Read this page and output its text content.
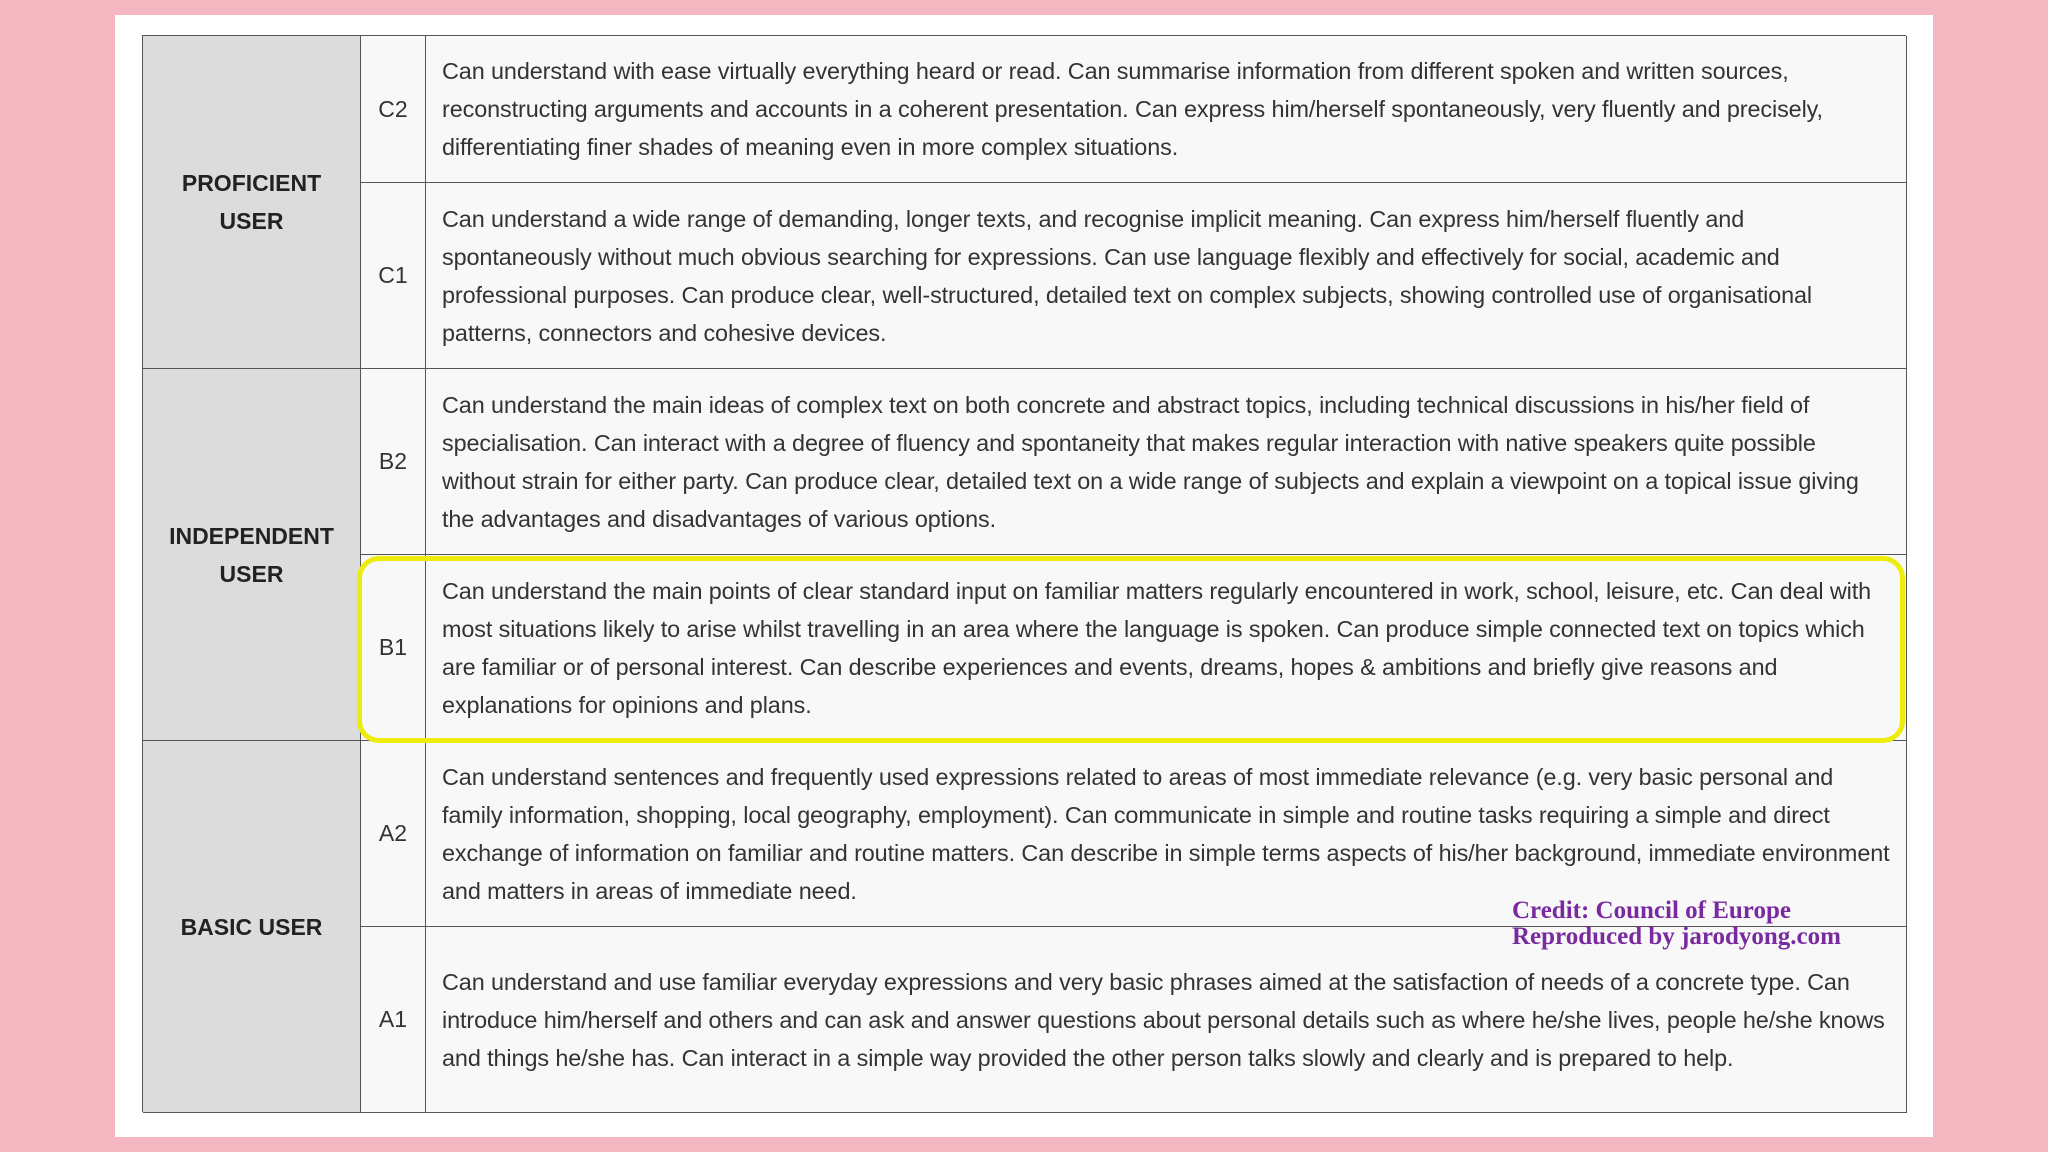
PROFICIENT USER
C2
Can understand with ease virtually everything heard or read. Can summarise information from different spoken and written sources, reconstructing arguments and accounts in a coherent presentation. Can express him/herself spontaneously, very fluently and precisely, differentiating finer shades of meaning even in more complex situations.
C1
Can understand a wide range of demanding, longer texts, and recognise implicit meaning. Can express him/herself fluently and spontaneously without much obvious searching for expressions. Can use language flexibly and effectively for social, academic and professional purposes. Can produce clear, well-structured, detailed text on complex subjects, showing controlled use of organisational patterns, connectors and cohesive devices.
INDEPENDENT USER
B2
Can understand the main ideas of complex text on both concrete and abstract topics, including technical discussions in his/her field of specialisation. Can interact with a degree of fluency and spontaneity that makes regular interaction with native speakers quite possible without strain for either party. Can produce clear, detailed text on a wide range of subjects and explain a viewpoint on a topical issue giving the advantages and disadvantages of various options.
B1
Can understand the main points of clear standard input on familiar matters regularly encountered in work, school, leisure, etc. Can deal with most situations likely to arise whilst travelling in an area where the language is spoken. Can produce simple connected text on topics which are familiar or of personal interest. Can describe experiences and events, dreams, hopes & ambitions and briefly give reasons and explanations for opinions and plans.
BASIC USER
A2
Can understand sentences and frequently used expressions related to areas of most immediate relevance (e.g. very basic personal and family information, shopping, local geography, employment). Can communicate in simple and routine tasks requiring a simple and direct exchange of information on familiar and routine matters. Can describe in simple terms aspects of his/her background, immediate environment and matters in areas of immediate need.
A1
Can understand and use familiar everyday expressions and very basic phrases aimed at the satisfaction of needs of a concrete type. Can introduce him/herself and others and can ask and answer questions about personal details such as where he/she lives, people he/she knows and things he/she has. Can interact in a simple way provided the other person talks slowly and clearly and is prepared to help.
Credit: Council of Europe
Reproduced by jarodyong.com
